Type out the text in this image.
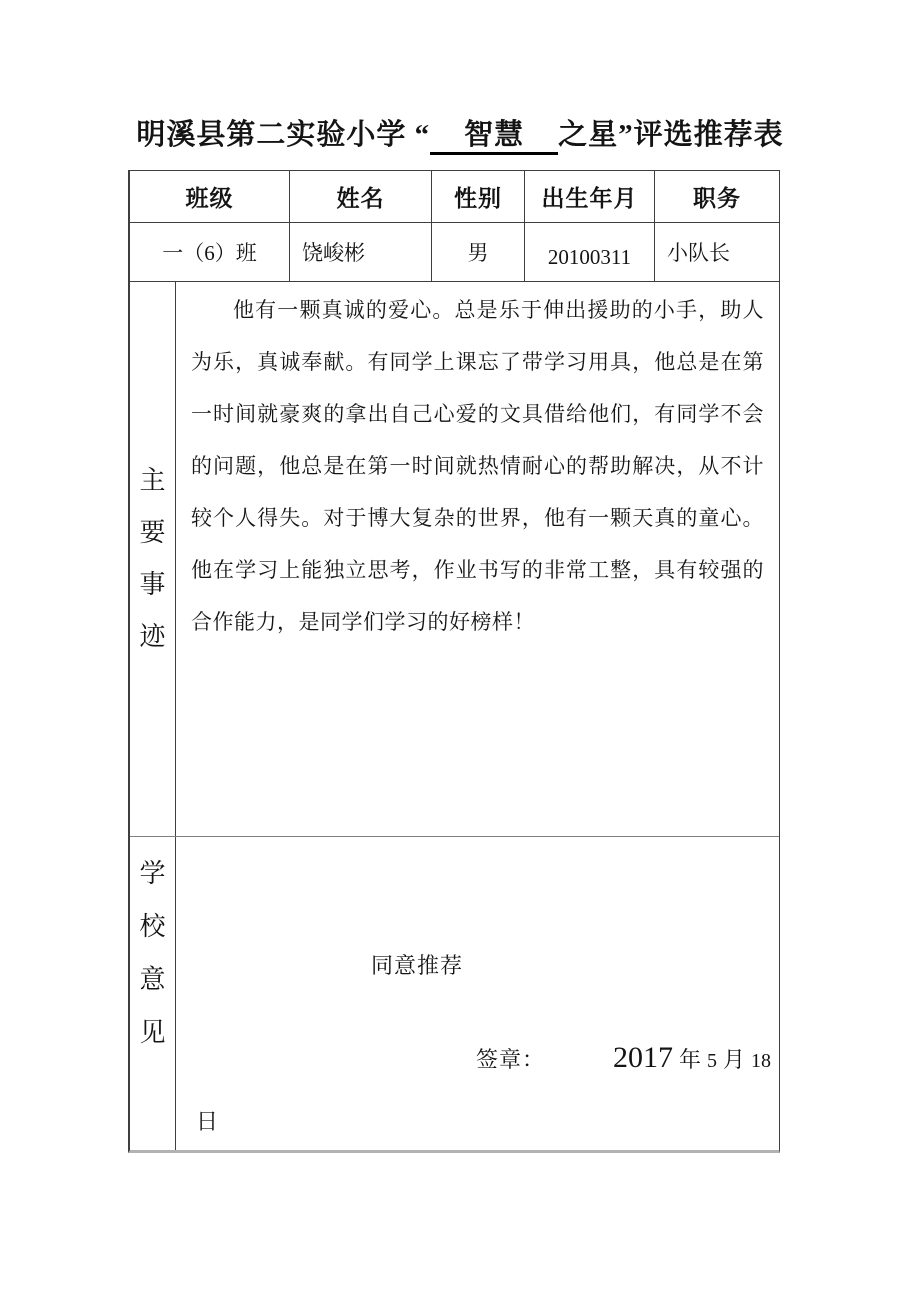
明溪县第二实验小学 “　智慧　之星”评选推荐表
班级	姓名	性别	出生年月	职务
一（6）班	饶峻彬	男	20100311	小队长
主
要
事
迹

他有一颗真诚的爱心。总是乐于伸出援助的小手，助人为乐，真诚奉献。有同学上课忘了带学习用具，他总是在第一时间就豪爽的拿出自己心爱的文具借给他们，有同学不会的问题，他总是在第一时间就热情耐心的帮助解决，从不计较个人得失。对于博大复杂的世界，他有一颗天真的童心。他在学习上能独立思考，作业书写的非常工整，具有较强的合作能力，是同学们学习的好榜样！

学
校
意
见
同意推荐
签章： 2017 年 5 月 18
日
